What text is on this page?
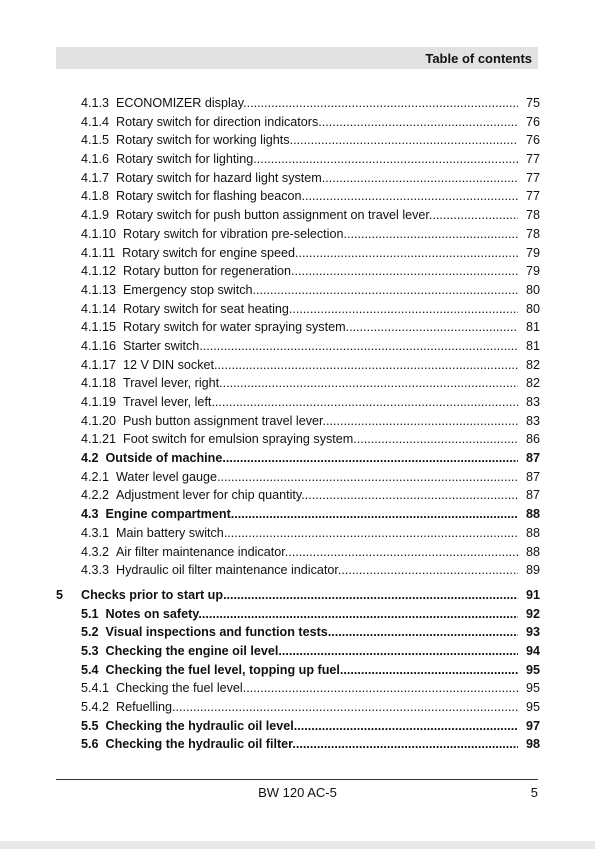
Table of contents
4.1.3 ECONOMIZER display .....	75
4.1.4 Rotary switch for direction indicators .....	76
4.1.5 Rotary switch for working lights .....	76
4.1.6 Rotary switch for lighting .....	77
4.1.7 Rotary switch for hazard light system .....	77
4.1.8 Rotary switch for flashing beacon .....	77
4.1.9 Rotary switch for push button assignment on travel lever .....	78
4.1.10 Rotary switch for vibration pre-selection .....	78
4.1.11 Rotary switch for engine speed .....	79
4.1.12 Rotary button for regeneration .....	79
4.1.13 Emergency stop switch .....	80
4.1.14 Rotary switch for seat heating .....	80
4.1.15 Rotary switch for water spraying system .....	81
4.1.16 Starter switch .....	81
4.1.17 12 V DIN socket .....	82
4.1.18 Travel lever, right .....	82
4.1.19 Travel lever, left .....	83
4.1.20 Push button assignment travel lever .....	83
4.1.21 Foot switch for emulsion spraying system .....	86
4.2 Outside of machine .....	87
4.2.1 Water level gauge .....	87
4.2.2 Adjustment lever for chip quantity .....	87
4.3 Engine compartment .....	88
4.3.1 Main battery switch .....	88
4.3.2 Air filter maintenance indicator .....	88
4.3.3 Hydraulic oil filter maintenance indicator .....	89
5	Checks prior to start up .....	91
5.1 Notes on safety .....	92
5.2 Visual inspections and function tests .....	93
5.3 Checking the engine oil level .....	94
5.4 Checking the fuel level, topping up fuel .....	95
5.4.1 Checking the fuel level .....	95
5.4.2 Refuelling .....	95
5.5 Checking the hydraulic oil level .....	97
5.6 Checking the hydraulic oil filter .....	98
BW 120 AC-5	5
